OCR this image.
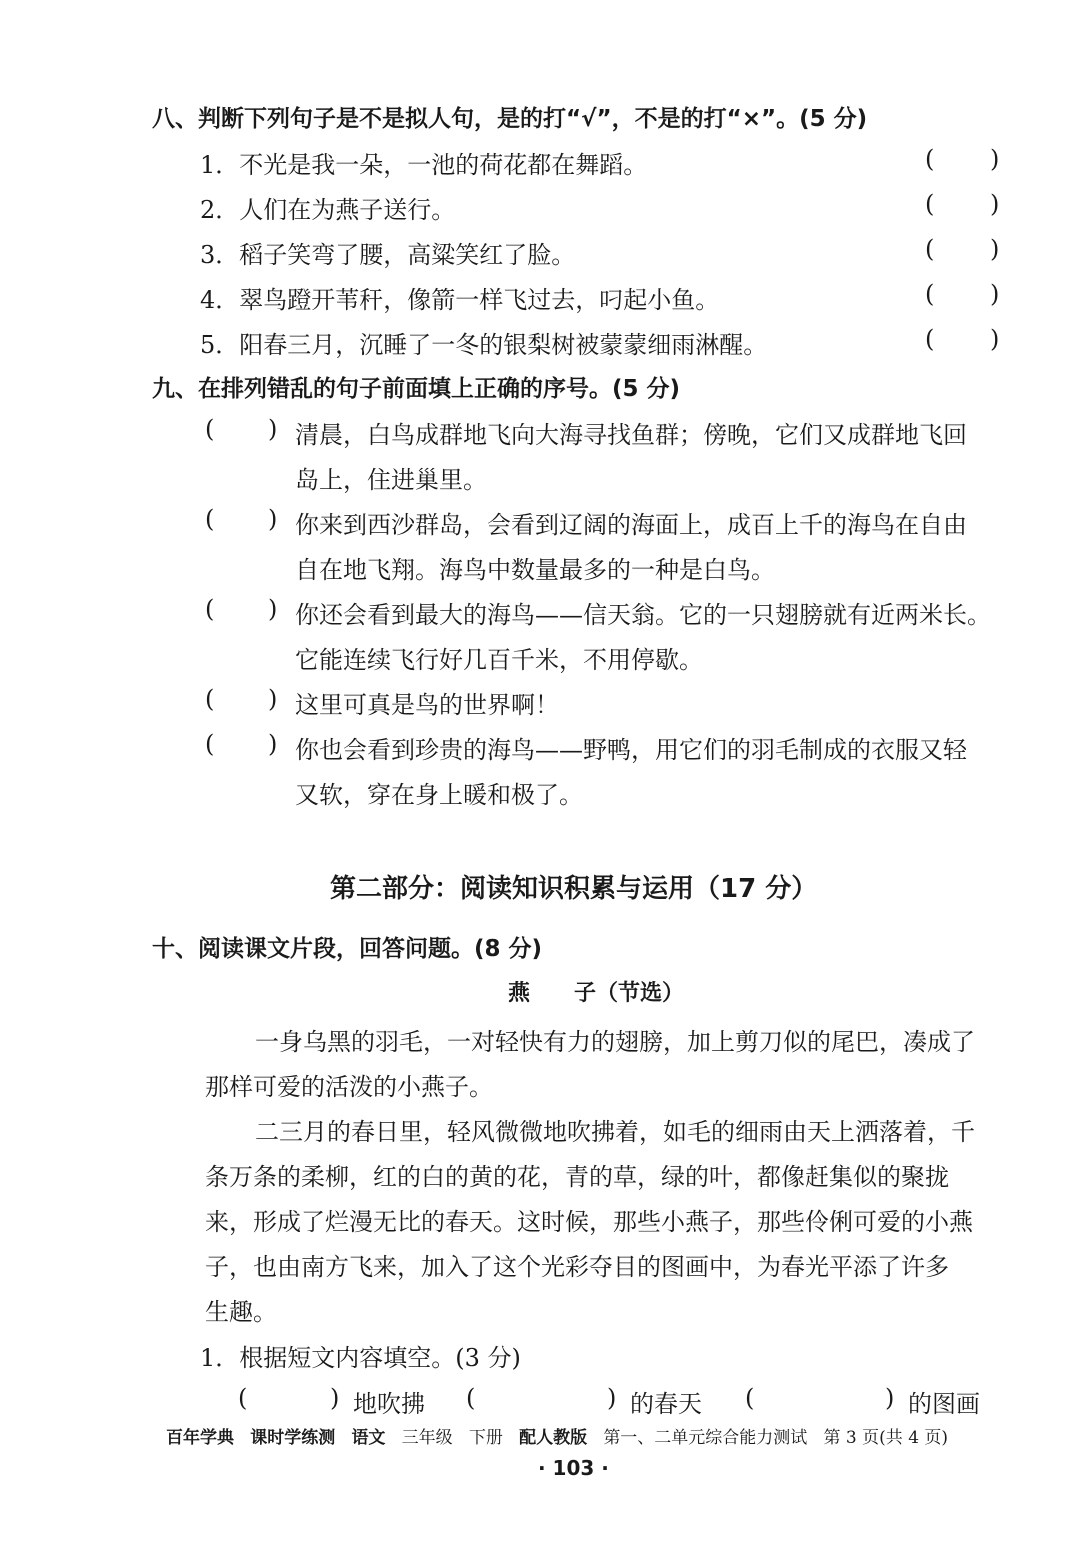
八、判断下列句子是不是拟人句，是的打“√”，不是的打“×”。(5 分)
1．不光是我一朵，一池的荷花都在舞蹈。	( )
2．人们在为燕子送行。	( )
3．稻子笑弯了腰，高粱笑红了脸。	( )
4．翠鸟蹬开苇秆，像箭一样飞过去，叼起小鱼。	( )
5．阳春三月，沉睡了一冬的银梨树被蒙蒙细雨淋醒。	( )
九、在排列错乱的句子前面填上正确的序号。(5 分)
( ) 清晨，白鸟成群地飞向大海寻找鱼群；傍晚，它们又成群地飞回
岛上，住进巢里。
( ) 你来到西沙群岛，会看到辽阔的海面上，成百上千的海鸟在自由
自在地飞翔。海鸟中数量最多的一种是白鸟。
( ) 你还会看到最大的海鸟——信天翁。它的一只翅膀就有近两米长。
它能连续飞行好几百千米，不用停歇。
( ) 这里可真是鸟的世界啊！
( ) 你也会看到珍贵的海鸟——野鸭，用它们的羽毛制成的衣服又轻
又软，穿在身上暖和极了。
第二部分：阅读知识积累与运用（17 分）
十、阅读课文片段，回答问题。(8 分)
燕　　子（节选）
一身乌黑的羽毛，一对轻快有力的翅膀，加上剪刀似的尾巴，凑成了
那样可爱的活泼的小燕子。
二三月的春日里，轻风微微地吹拂着，如毛的细雨由天上洒落着，千
条万条的柔柳，红的白的黄的花，青的草，绿的叶，都像赶集似的聚拢
来，形成了烂漫无比的春天。这时候，那些小燕子，那些伶俐可爱的小燕
子，也由南方飞来，加入了这个光彩夺目的图画中，为春光平添了许多
生趣。
1．根据短文内容填空。(3 分)
(	) 地吹拂 (	) 的春天 (	) 的图画
百年学典 课时学练测 语文 三年级 下册 配人教版 第一、二单元综合能力测试 第 3 页(共 4 页)
· 103 ·
